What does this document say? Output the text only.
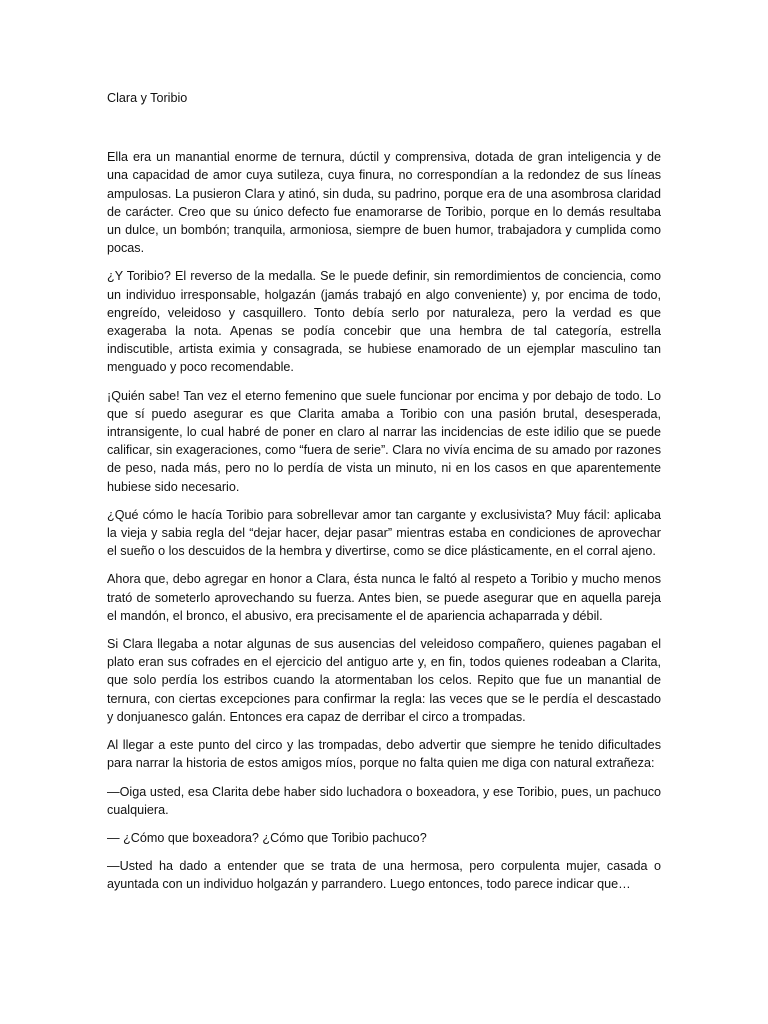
Clara y Toribio

Ella era un manantial enorme de ternura, dúctil y comprensiva, dotada de gran inteligencia y de una capacidad de amor cuya sutileza, cuya finura, no correspondían a la redondez de sus líneas ampulosas. La pusieron Clara y atinó, sin duda, su padrino, porque era de una asombrosa claridad de carácter. Creo que su único defecto fue enamorarse de Toribio, porque en lo demás resultaba un dulce, un bombón; tranquila, armoniosa, siempre de buen humor, trabajadora y cumplida como pocas.

¿Y Toribio? El reverso de la medalla. Se le puede definir, sin remordimientos de conciencia, como un individuo irresponsable, holgazán (jamás trabajó en algo conveniente) y, por encima de todo, engreído, veleidoso y casquillero. Tonto debía serlo por naturaleza, pero la verdad es que exageraba la nota. Apenas se podía concebir que una hembra de tal categoría, estrella indiscutible, artista eximia y consagrada, se hubiese enamorado de un ejemplar masculino tan menguado y poco recomendable.

¡Quién sabe! Tan vez el eterno femenino que suele funcionar por encima y por debajo de todo. Lo que sí puedo asegurar es que Clarita amaba a Toribio con una pasión brutal, desesperada, intransigente, lo cual habré de poner en claro al narrar las incidencias de este idilio que se puede calificar, sin exageraciones, como “fuera de serie”. Clara no vivía encima de su amado por razones de peso, nada más, pero no lo perdía de vista un minuto, ni en los casos en que aparentemente hubiese sido necesario.

¿Qué cómo le hacía Toribio para sobrellevar amor tan cargante y exclusivista? Muy fácil: aplicaba la vieja y sabia regla del “dejar hacer, dejar pasar” mientras estaba en condiciones de aprovechar el sueño o los descuidos de la hembra y divertirse, como se dice plásticamente, en el corral ajeno.

Ahora que, debo agregar en honor a Clara, ésta nunca le faltó al respeto a Toribio y mucho menos trató de someterlo aprovechando su fuerza. Antes bien, se puede asegurar que en aquella pareja el mandón, el bronco, el abusivo, era precisamente el de apariencia achaparrada y débil.

Si Clara llegaba a notar algunas de sus ausencias del veleidoso compañero, quienes pagaban el plato eran sus cofrades en el ejercicio del antiguo arte y, en fin, todos quienes rodeaban a Clarita, que solo perdía los estribos cuando la atormentaban los celos. Repito que fue un manantial de ternura, con ciertas excepciones para confirmar la regla: las veces que se le perdía el descastado y donjuanesco galán. Entonces era capaz de derribar el circo a trompadas.

Al llegar a este punto del circo y las trompadas, debo advertir que siempre he tenido dificultades para narrar la historia de estos amigos míos, porque no falta quien me diga con natural extrañeza:

—Oiga usted, esa Clarita debe haber sido luchadora o boxeadora, y ese Toribio, pues, un pachuco cualquiera.

— ¿Cómo que boxeadora? ¿Cómo que Toribio pachuco?

—Usted ha dado a entender que se trata de una hermosa, pero corpulenta mujer, casada o ayuntada con un individuo holgazán y parrandero. Luego entonces, todo parece indicar que…
